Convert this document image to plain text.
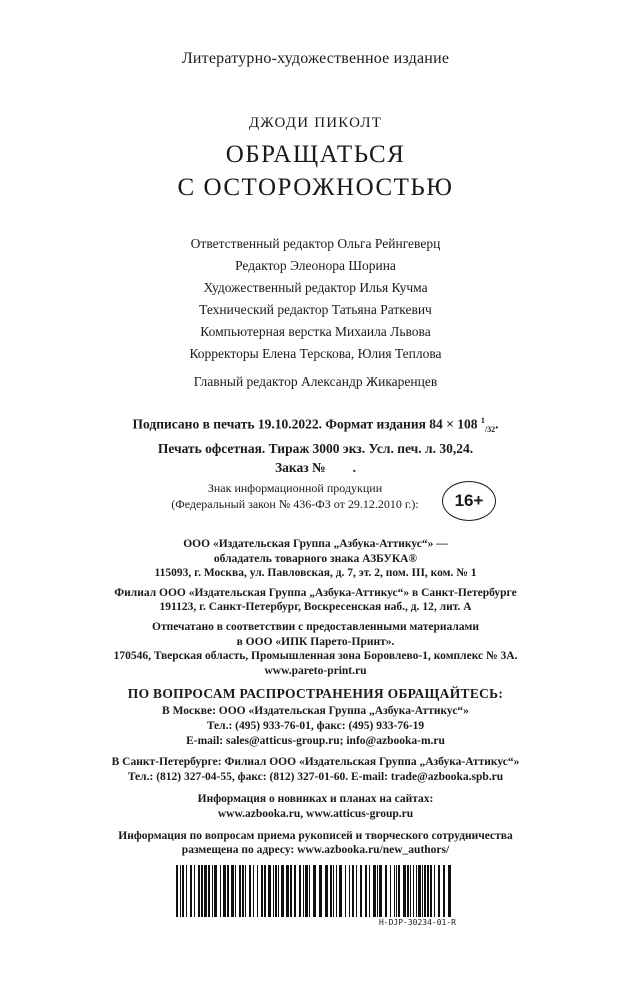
Литературно-художественное издание
ДЖОДИ ПИКОЛТ
ОБРАЩАТЬСЯ
С ОСТОРОЖНОСТЬЮ
Ответственный редактор Ольга Рейнгеверц
Редактор Элеонора Шорина
Художественный редактор Илья Кучма
Технический редактор Татьяна Раткевич
Компьютерная верстка Михаила Львова
Корректоры Елена Терскова, Юлия Теплова
Главный редактор Александр Жикаренцев
Подписано в печать 19.10.2022. Формат издания 84 × 108 $^1_{/32}$.
Печать офсетная. Тираж 3000 экз. Усл. печ. л. 30,24.
Заказ №        .
Знак информационной продукции
(Федеральный закон № 436-ФЗ от 29.12.2010 г.):	16+
ООО «Издательская Группа „Азбука-Аттикус“» —
обладатель товарного знака АЗБУКА®
115093, г. Москва, ул. Павловская, д. 7, эт. 2, пом. III, ком. № 1
Филиал ООО «Издательская Группа „Азбука-Аттикус“» в Санкт-Петербурге
191123, г. Санкт-Петербург, Воскресенская наб., д. 12, лит. А
Отпечатано в соответствии с предоставленными материалами
в ООО «ИПК Парето-Принт».
170546, Тверская область, Промышленная зона Боровлево-1, комплекс № 3А.
www.pareto-print.ru
ПО ВОПРОСАМ РАСПРОСТРАНЕНИЯ ОБРАЩАЙТЕСЬ:
В Москве: ООО «Издательская Группа „Азбука-Аттикус“»
Тел.: (495) 933-76-01, факс: (495) 933-76-19
E-mail: sales@atticus-group.ru; info@azbooka-m.ru
В Санкт-Петербурге: Филиал ООО «Издательская Группа „Азбука-Аттикус“»
Тел.: (812) 327-04-55, факс: (812) 327-01-60. E-mail: trade@azbooka.spb.ru
Информация о новинках и планах на сайтах:
www.azbooka.ru, www.atticus-group.ru
Информация по вопросам приема рукописей и творческого сотрудничества
размещена по адресу: www.azbooka.ru/new_authors/
H-DJP-30234-01-R
